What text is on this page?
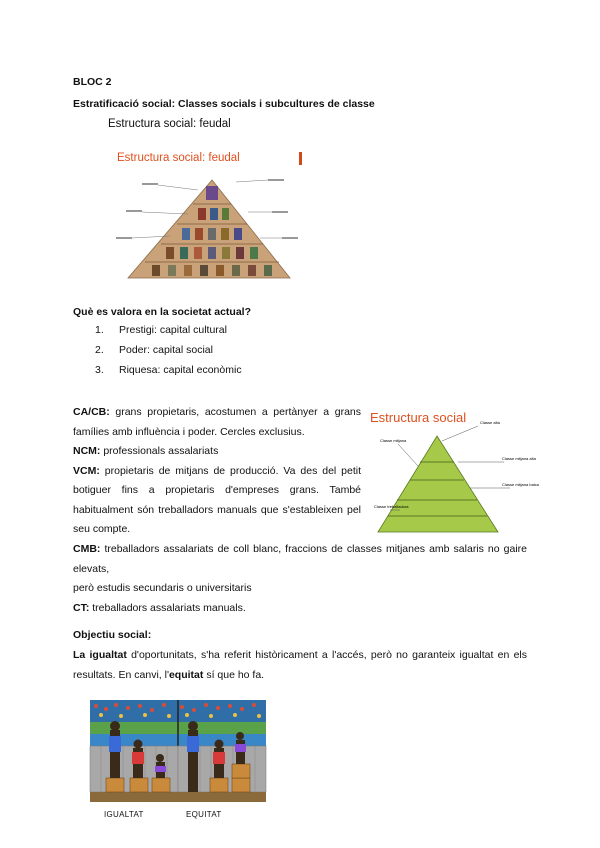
BLOC 2
Estratificació social: Classes socials i subcultures de classe
Estructura social: feudal
Estructura social: feudal
Què es valora en la societat actual?
1. Prestigi: capital cultural
2. Poder: capital social
3. Riquesa: capital econòmic
Estructura social	Classe alta
Classe mitjana alta
Classe mitjana
Classe mitjana baixa
Classe treballadora
CA/CB: grans propietaris, acostumen a pertànyer a grans
famílies amb influència i poder. Cercles exclusius.
NCM: professionals assalariats
VCM: propietaris de mitjans de producció. Va des del petit
botiguer fins a propietaris d'empreses grans. També
habitualment són treballadors manuals que s'estableixen pel
seu compte.
CMB: treballadors assalariats de coll blanc, fraccions de classes mitjanes amb salaris no gaire elevats,
però estudis secundaris o universitaris
CT: treballadors assalariats manuals.
Objectiu social:
La igualtat d'oportunitats, s'ha referit històricament a l'accés, però no garanteix igualtat en els
resultats. En canvi, l'equitat sí que ho fa.
IGUALTAT	EQUITAT
